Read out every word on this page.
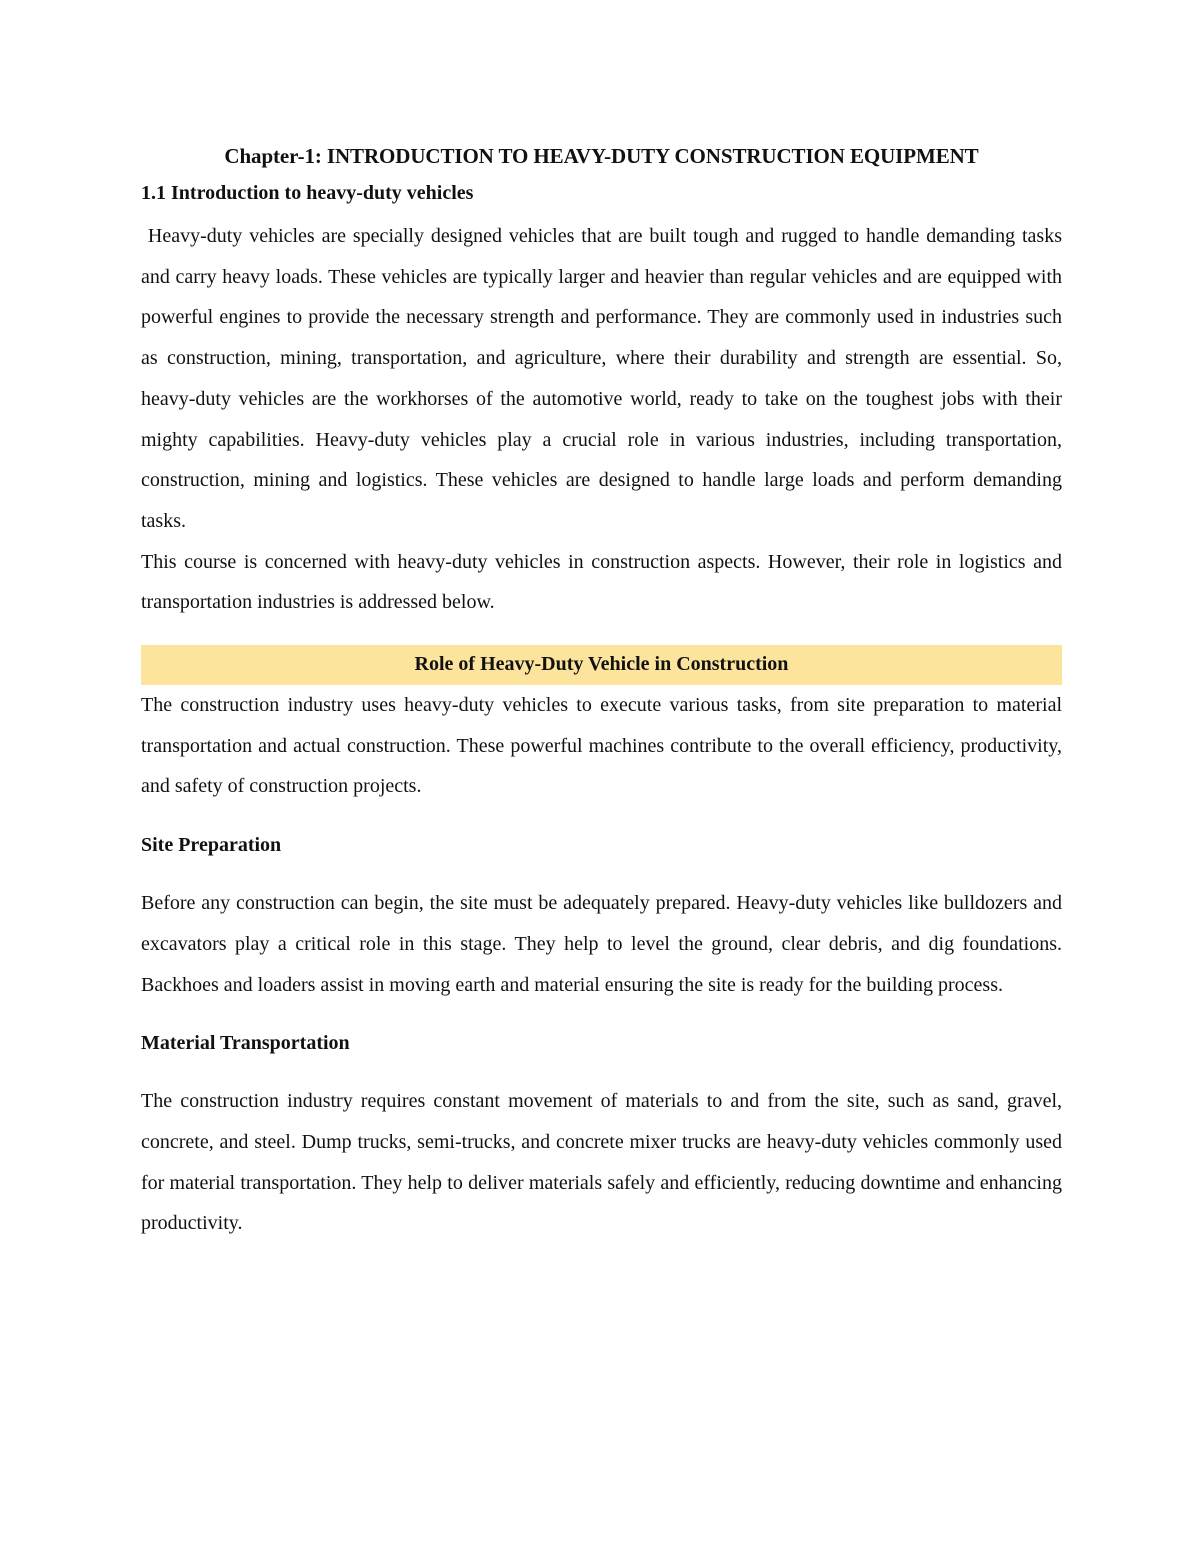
Chapter-1: INTRODUCTION TO HEAVY-DUTY CONSTRUCTION EQUIPMENT
1.1 Introduction to heavy-duty vehicles

Heavy-duty vehicles are specially designed vehicles that are built tough and rugged to handle demanding tasks and carry heavy loads. These vehicles are typically larger and heavier than regular vehicles and are equipped with powerful engines to provide the necessary strength and performance. They are commonly used in industries such as construction, mining, transportation, and agriculture, where their durability and strength are essential. So, heavy-duty vehicles are the workhorses of the automotive world, ready to take on the toughest jobs with their mighty capabilities. Heavy-duty vehicles play a crucial role in various industries, including transportation, construction, mining and logistics. These vehicles are designed to handle large loads and perform demanding tasks.

This course is concerned with heavy-duty vehicles in construction aspects. However, their role in logistics and transportation industries is addressed below.

Role of Heavy-Duty Vehicle in Construction

The construction industry uses heavy-duty vehicles to execute various tasks, from site preparation to material transportation and actual construction. These powerful machines contribute to the overall efficiency, productivity, and safety of construction projects.

Site Preparation

Before any construction can begin, the site must be adequately prepared. Heavy-duty vehicles like bulldozers and excavators play a critical role in this stage. They help to level the ground, clear debris, and dig foundations. Backhoes and loaders assist in moving earth and material ensuring the site is ready for the building process.

Material Transportation

The construction industry requires constant movement of materials to and from the site, such as sand, gravel, concrete, and steel. Dump trucks, semi-trucks, and concrete mixer trucks are heavy-duty vehicles commonly used for material transportation. They help to deliver materials safely and efficiently, reducing downtime and enhancing productivity.
